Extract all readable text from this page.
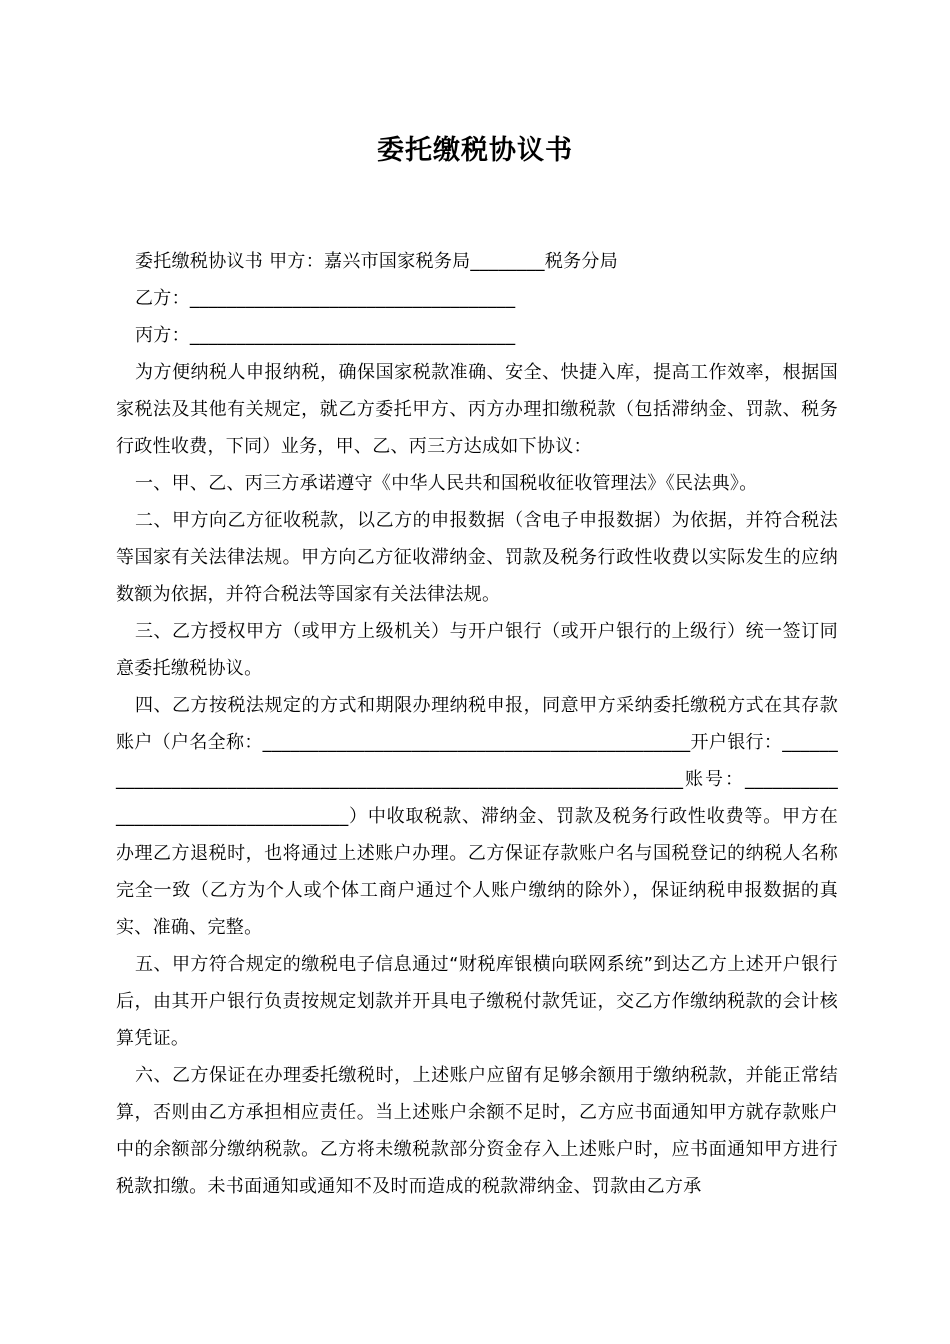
委托缴税协议书

委托缴税协议书 甲方：嘉兴市国家税务局________税务分局

乙方：___________________________________

丙方：___________________________________

为方便纳税人申报纳税，确保国家税款准确、安全、快捷入库，提高工作效率，根据国家税法及其他有关规定，就乙方委托甲方、丙方办理扣缴税款（包括滞纳金、罚款、税务行政性收费，下同）业务，甲、乙、丙三方达成如下协议：

一、甲、乙、丙三方承诺遵守《中华人民共和国税收征收管理法》《民法典》。

二、甲方向乙方征收税款，以乙方的申报数据（含电子申报数据）为依据，并符合税法等国家有关法律法规。甲方向乙方征收滞纳金、罚款及税务行政性收费以实际发生的应纳数额为依据，并符合税法等国家有关法律法规。

三、乙方授权甲方（或甲方上级机关）与开户银行（或开户银行的上级行）统一签订同意委托缴税协议。

四、乙方按税法规定的方式和期限办理纳税申报，同意甲方采纳委托缴税方式在其存款账户（户名全称：______________________________________________开户银行：___________________________________________________________________账号：___________________________________）中收取税款、滞纳金、罚款及税务行政性收费等。甲方在办理乙方退税时，也将通过上述账户办理。乙方保证存款账户名与国税登记的纳税人名称完全一致（乙方为个人或个体工商户通过个人账户缴纳的除外），保证纳税申报数据的真实、准确、完整。

五、甲方符合规定的缴税电子信息通过“财税库银横向联网系统”到达乙方上述开户银行后，由其开户银行负责按规定划款并开具电子缴税付款凭证，交乙方作缴纳税款的会计核算凭证。

六、乙方保证在办理委托缴税时，上述账户应留有足够余额用于缴纳税款，并能正常结算，否则由乙方承担相应责任。当上述账户余额不足时，乙方应书面通知甲方就存款账户中的余额部分缴纳税款。乙方将未缴税款部分资金存入上述账户时，应书面通知甲方进行税款扣缴。未书面通知或通知不及时而造成的税款滞纳金、罚款由乙方承
